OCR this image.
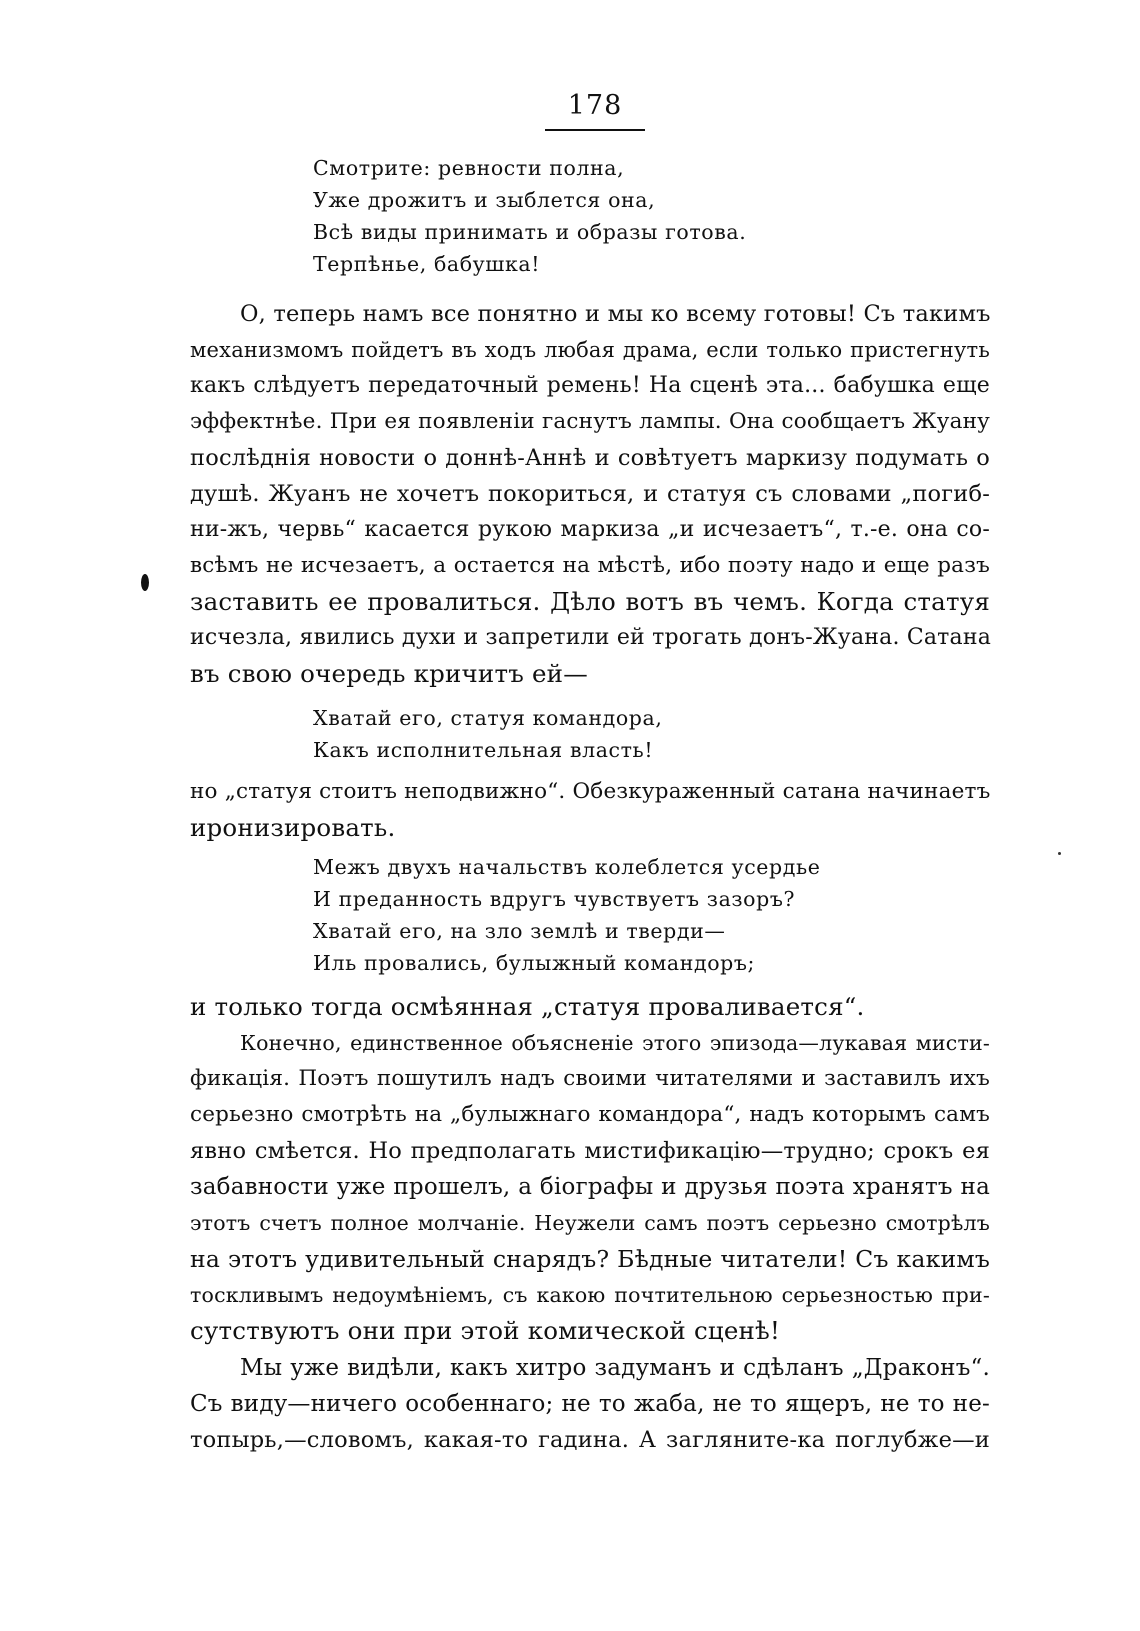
178
Смотрите: ревности полна,
Уже дрожитъ и зыблется она,
Всѣ виды принимать и образы готова.
Терпѣнье, бабушка!
О, теперь намъ все понятно и мы ко всему готовы! Съ такимъ
механизмомъ пойдетъ въ ходъ любая драма, если только пристегнуть
какъ слѣдуетъ передаточный ремень! На сценѣ эта... бабушка еще
эффектнѣе. При ея появленіи гаснутъ лампы. Она сообщаетъ Жуану
послѣднія новости о доннѣ-Аннѣ и совѣтуетъ маркизу подумать о
душѣ. Жуанъ не хочетъ покориться, и статуя съ словами „погиб-
ни-жъ, червь“ касается рукою маркиза „и исчезаетъ“, т.-е. она со-
всѣмъ не исчезаетъ, а остается на мѣстѣ, ибо поэту надо и еще разъ
заставить ее провалиться. Дѣло вотъ въ чемъ. Когда статуя
исчезла, явились духи и запретили ей трогать донъ-Жуана. Сатана
въ свою очередь кричитъ ей—
Хватай его, статуя командора,
Какъ исполнительная власть!
но „статуя стоитъ неподвижно“. Обезкураженный сатана начинаетъ
иронизировать.
Межъ двухъ начальствъ колеблется усердье
И преданность вдругъ чувствуетъ зазоръ?
Хватай его, на зло землѣ и тверди—
Иль провались, булыжный командоръ;
и только тогда осмѣянная „статуя проваливается“.
Конечно, единственное объясненіе этого эпизода—лукавая мисти-
фикація. Поэтъ пошутилъ надъ своими читателями и заставилъ ихъ
серьезно смотрѣть на „булыжнаго командора“, надъ которымъ самъ
явно смѣется. Но предполагать мистификацію—трудно; срокъ ея
забавности уже прошелъ, а біографы и друзья поэта хранятъ на
этотъ счетъ полное молчаніе. Неужели самъ поэтъ серьезно смотрѣлъ
на этотъ удивительный снарядъ? Бѣдные читатели! Съ какимъ
тоскливымъ недоумѣніемъ, съ какою почтительною серьезностью при-
сутствуютъ они при этой комической сценѣ!
Мы уже видѣли, какъ хитро задуманъ и сдѣланъ „Драконъ“.
Съ виду—ничего особеннаго; не то жаба, не то ящеръ, не то не-
топырь,—словомъ, какая-то гадина. А загляните-ка поглубже—и
